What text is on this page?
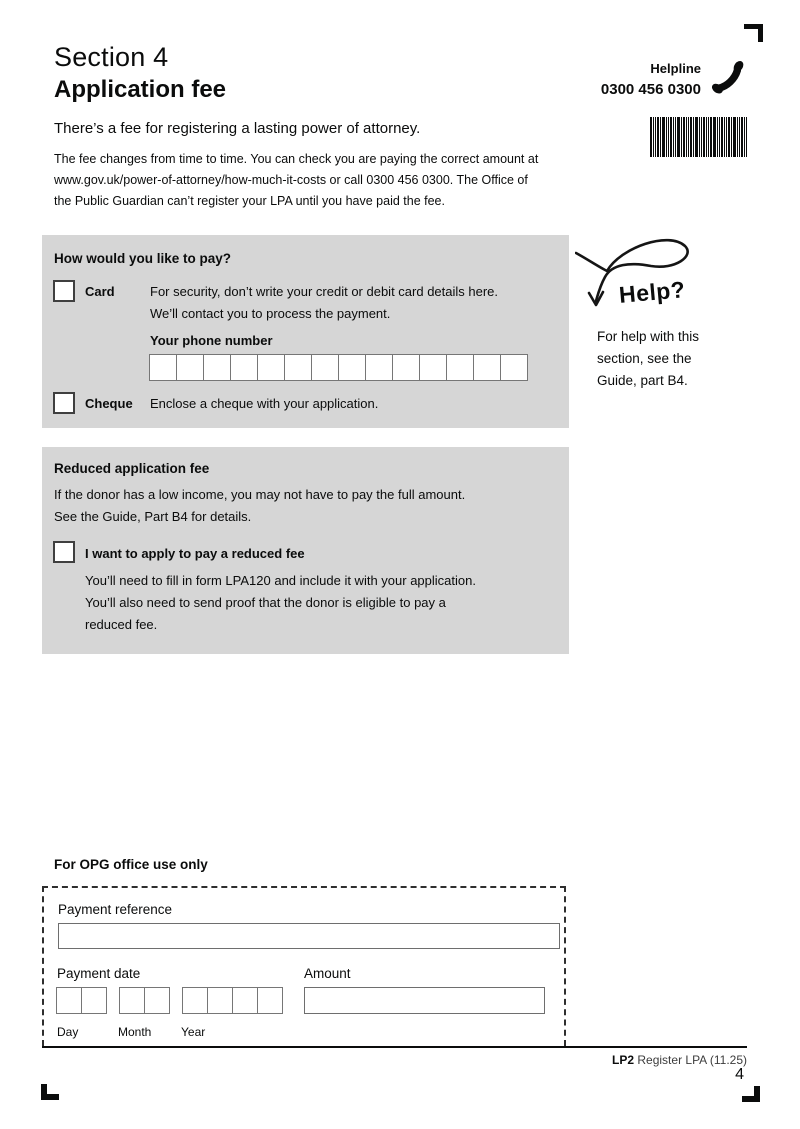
Section 4
Application fee
Helpline
0300 456 0300
There’s a fee for registering a lasting power of attorney.
The fee changes from time to time. You can check you are paying the correct amount at
www.gov.uk/power-of-attorney/how-much-it-costs or call 0300 456 0300. The Office of
the Public Guardian can’t register your LPA until you have paid the fee.
How would you like to pay?
Card	For security, don’t write your credit or debit card details here.
We’ll contact you to process the payment.
Your phone number
Cheque Enclose a cheque with your application.
Help?
For help with this
section, see the
Guide, part B4.
Reduced application fee
If the donor has a low income, you may not have to pay the full amount.
See the Guide, Part B4 for details.
I want to apply to pay a reduced fee
You’ll need to fill in form LPA120 and include it with your application.
You’ll also need to send proof that the donor is eligible to pay a
reduced fee.
For OPG office use only
Payment reference
Payment date	Amount
Day	Month Year
LP2 Register LPA (11.25)
4
